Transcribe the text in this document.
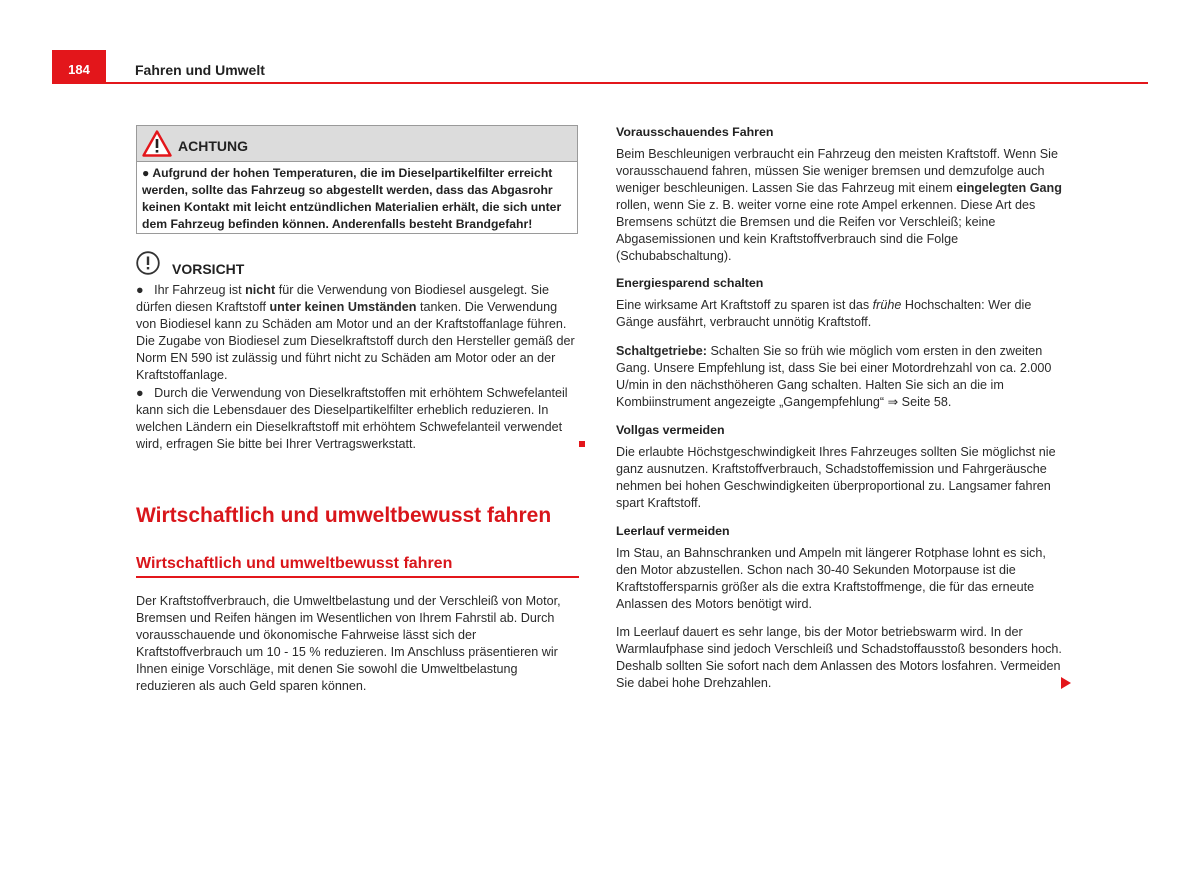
184	Fahren und Umwelt
ACHTUNG
● Aufgrund der hohen Temperaturen, die im Dieselpartikelfilter erreicht werden, sollte das Fahrzeug so abgestellt werden, dass das Abgasrohr keinen Kontakt mit leicht entzündlichen Materialien erhält, die sich unter dem Fahrzeug befinden können. Anderenfalls besteht Brandgefahr!
VORSICHT
● Ihr Fahrzeug ist nicht für die Verwendung von Biodiesel ausgelegt. Sie dürfen diesen Kraftstoff unter keinen Umständen tanken. Die Verwendung von Biodiesel kann zu Schäden am Motor und an der Kraftstoffanlage führen. Die Zugabe von Biodiesel zum Dieselkraftstoff durch den Hersteller gemäß der Norm EN 590 ist zulässig und führt nicht zu Schäden am Motor oder an der Kraftstoffanlage.
● Durch die Verwendung von Dieselkraftstoffen mit erhöhtem Schwefelanteil kann sich die Lebensdauer des Dieselpartikelfilter erheblich reduzieren. In welchen Ländern ein Dieselkraftstoff mit erhöhtem Schwefelanteil verwendet wird, erfragen Sie bitte bei Ihrer Vertragswerkstatt.
Wirtschaftlich und umweltbewusst fahren
Wirtschaftlich und umweltbewusst fahren
Der Kraftstoffverbrauch, die Umweltbelastung und der Verschleiß von Motor, Bremsen und Reifen hängen im Wesentlichen von Ihrem Fahrstil ab. Durch vorausschauende und ökonomische Fahrweise lässt sich der Kraftstoffverbrauch um 10 - 15 % reduzieren. Im Anschluss präsentieren wir Ihnen einige Vorschläge, mit denen Sie sowohl die Umweltbelastung reduzieren als auch Geld sparen können.
Vorausschauendes Fahren
Beim Beschleunigen verbraucht ein Fahrzeug den meisten Kraftstoff. Wenn Sie vorausschauend fahren, müssen Sie weniger bremsen und demzufolge auch weniger beschleunigen. Lassen Sie das Fahrzeug mit einem eingelegten Gang rollen, wenn Sie z. B. weiter vorne eine rote Ampel erkennen. Diese Art des Bremsens schützt die Bremsen und die Reifen vor Verschleiß; keine Abgasemissionen und kein Kraftstoffverbrauch sind die Folge (Schubabschaltung).
Energiesparend schalten
Eine wirksame Art Kraftstoff zu sparen ist das frühe Hochschalten: Wer die Gänge ausfährt, verbraucht unnötig Kraftstoff.
Schaltgetriebe: Schalten Sie so früh wie möglich vom ersten in den zweiten Gang. Unsere Empfehlung ist, dass Sie bei einer Motordrehzahl von ca. 2.000 U/min in den nächsthöheren Gang schalten. Halten Sie sich an die im Kombiinstrument angezeigte „Gangempfehlung“ ⇒ Seite 58.
Vollgas vermeiden
Die erlaubte Höchstgeschwindigkeit Ihres Fahrzeuges sollten Sie möglichst nie ganz ausnutzen. Kraftstoffverbrauch, Schadstoffemission und Fahrgeräusche nehmen bei hohen Geschwindigkeiten überproportional zu. Langsamer fahren spart Kraftstoff.
Leerlauf vermeiden
Im Stau, an Bahnschranken und Ampeln mit längerer Rotphase lohnt es sich, den Motor abzustellen. Schon nach 30-40 Sekunden Motorpause ist die Kraftstoffersparnis größer als die extra Kraftstoffmenge, die für das erneute Anlassen des Motors benötigt wird.
Im Leerlauf dauert es sehr lange, bis der Motor betriebswarm wird. In der Warmlaufphase sind jedoch Verschleiß und Schadstoffausstoß besonders hoch. Deshalb sollten Sie sofort nach dem Anlassen des Motors losfahren. Vermeiden Sie dabei hohe Drehzahlen.
